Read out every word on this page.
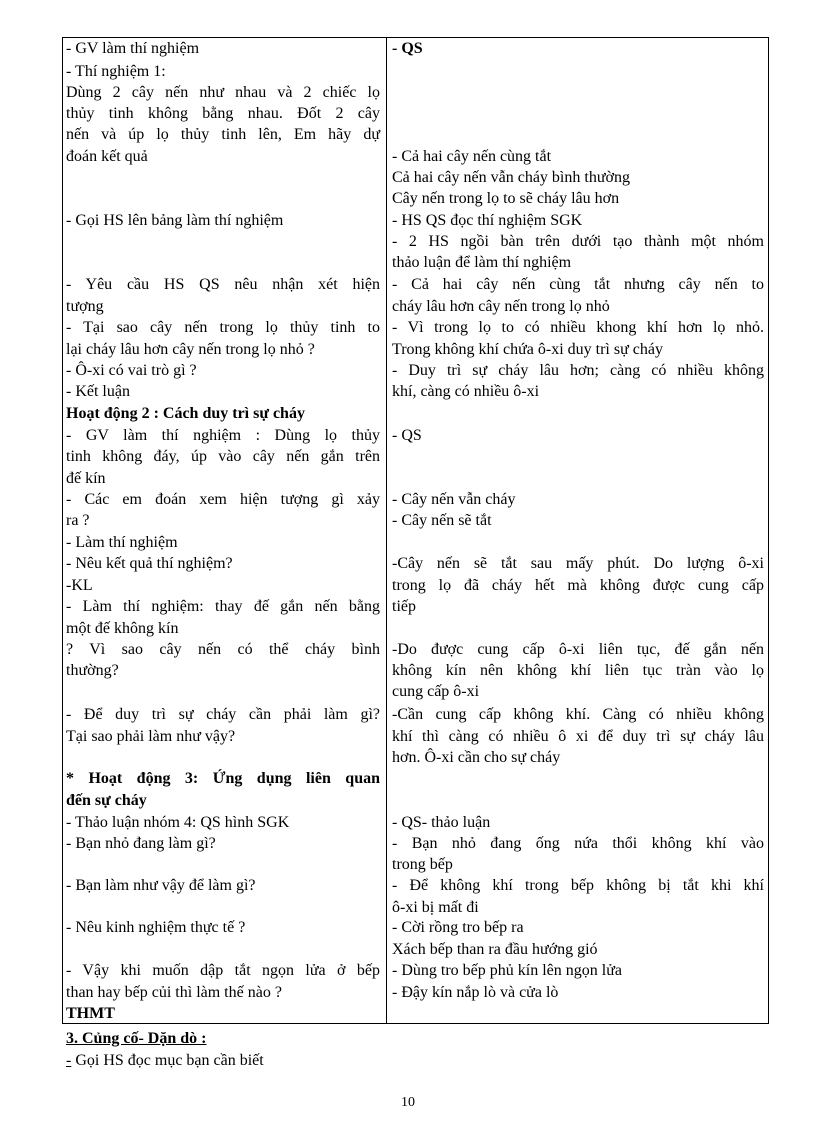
- GV làm thí nghiệm
- Thí nghiệm 1:
Dùng 2 cây nến như nhau và 2 chiếc lọ
thủy tinh không bằng nhau. Đốt 2 cây
nến và úp lọ thủy tinh lên, Em hãy dự
đoán kết quả
- Gọi HS lên bảng làm thí nghiệm
- Yêu cầu HS QS nêu nhận xét hiện
tượng
- Tại sao cây nến trong lọ thủy tinh to
lại cháy lâu hơn cây nến trong lọ nhỏ ?
- Ô-xi có vai trò gì ?
- Kết luận
Hoạt động 2 : Cách duy trì sự cháy
- GV làm thí nghiệm : Dùng lọ thủy
tinh không đáy, úp vào cây nến gắn trên
đế kín
- Các em đoán xem hiện tượng gì xảy
ra ?
- Làm thí nghiệm
- Nêu kết quả thí nghiệm?
-KL
- Làm thí nghiệm: thay đế gắn nến bằng
một đế không kín
? Vì sao cây nến có thể cháy bình
thường?
- Để duy trì sự cháy cần phải làm gì?
Tại sao phải làm như vậy?
* Hoạt động 3: Ứng dụng liên quan
đến sự cháy
- Thảo luận nhóm 4: QS hình SGK
- Bạn nhỏ đang làm gì?
- Bạn làm như vậy để làm gì?
- Nêu kinh nghiệm thực tế ?
- Vậy khi muốn dập tắt ngọn lửa ở bếp
than hay bếp củi thì làm thế nào ?
THMT
- QS
- Cả hai cây nến cùng tắt
Cả hai cây nến vẫn cháy bình thường
Cây nến trong lọ to sẽ cháy lâu hơn
- HS QS đọc thí nghiệm SGK
- 2 HS ngồi bàn trên dưới tạo thành một nhóm
thảo luận để làm thí nghiệm
- Cả hai cây nến cùng tắt nhưng cây nến to
cháy lâu hơn cây nến trong lọ nhỏ
- Vì trong lọ to có nhiều khong khí hơn lọ nhỏ.
Trong không khí chứa ô-xi duy trì sự cháy
- Duy trì sự cháy lâu hơn; càng có nhiều không
khí, càng có nhiều ô-xi
- QS
- Cây nến vẫn cháy
- Cây nến sẽ tắt
-Cây nến sẽ tắt sau mấy phút. Do lượng ô-xi
trong lọ đã cháy hết mà không được cung cấp
tiếp
-Do được cung cấp ô-xi liên tục, đế gắn nến
không kín nên không khí liên tục tràn vào lọ
cung cấp ô-xi
-Cần cung cấp không khí. Càng có nhiều không
khí thì càng có nhiều ô xi để duy trì sự cháy lâu
hơn. Ô-xi cần cho sự cháy
- QS- thảo luận
- Bạn nhỏ đang ống nứa thổi không khí vào
trong bếp
- Để không khí trong bếp không bị tắt khi khí
ô-xi bị mất đi
- Cời rồng tro bếp ra
Xách bếp than ra đầu hướng gió
- Dùng tro bếp phủ kín lên ngọn lửa
- Đậy kín nắp lò và cửa lò
3. Củng cố- Dặn dò :
- Gọi HS đọc mục bạn cần biết
10
